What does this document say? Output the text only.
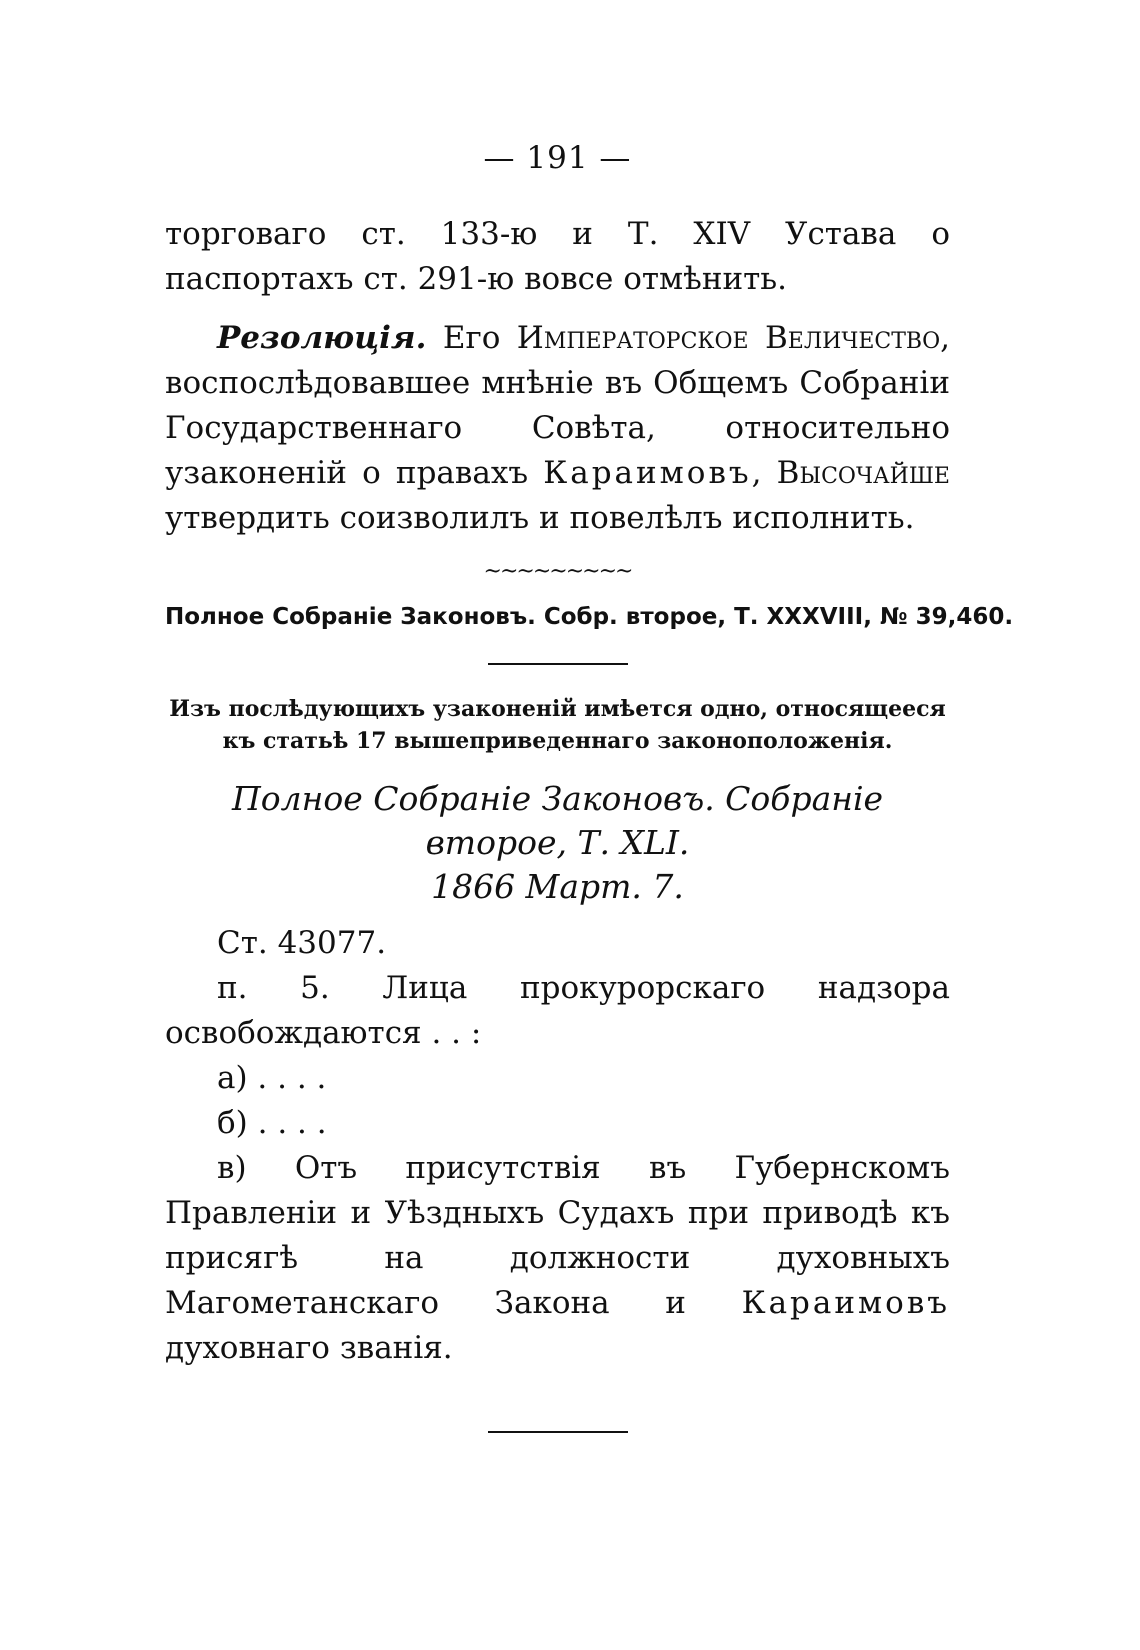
— 191 —

торговаго ст. 133-ю и Т. XIV Устава о паспортахъ ст. 291-ю вовсе отмѣнить.

Резолюція. Его Императорское Величество, воспослѣдовавшее мнѣніе въ Общемъ Собраніи Государственнаго Совѣта, относительно узаконеній о правахъ Караимовъ, Высочайше утвердить соизволилъ и повелѣлъ исполнить.

~~~~~~~~~

Полное Собраніе Законовъ. Собр. второе, Т. XXXVIII, № 39,460.

Изъ послѣдующихъ узаконеній имѣется одно, относящееся

къ статьѣ 17 вышеприведеннаго законоположенія.

Полное Собраніе Законовъ. Собраніе второе, Т. XLI.
1866 Март. 7.

Ст. 43077.

п. 5. Лица прокурорскаго надзора освобождаются . . :

а) . . . .

б) . . . .

в) Отъ присутствія въ Губернскомъ Правленіи и Уѣздныхъ Судахъ при приводѣ къ присягѣ на должности духовныхъ Магометанскаго Закона и Караимовъ духовнаго званія.
